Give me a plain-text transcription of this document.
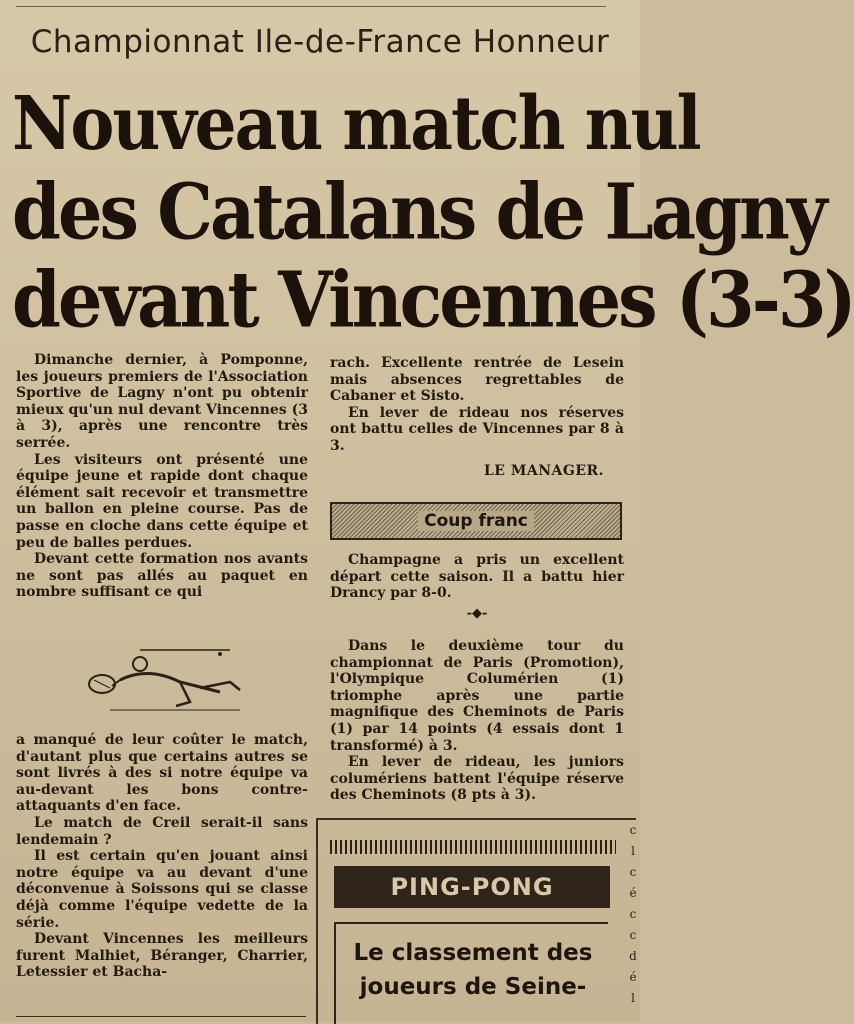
Championnat Ile-de-France Honneur
Nouveau match nul
des Catalans de Lagny
devant Vincennes (3-3)

Dimanche dernier, à Pomponne, les joueurs premiers de l'Association Sportive de Lagny n'ont pu obtenir mieux qu'un nul devant Vincennes (3 à 3), après une rencontre très serrée.

Les visiteurs ont présenté une équipe jeune et rapide dont chaque élément sait recevoir et transmettre un ballon en pleine course. Pas de passe en cloche dans cette équipe et peu de balles perdues.

Devant cette formation nos avants ne sont pas allés au paquet en nombre suffisant ce qui

a manqué de leur coûter le match, d'autant plus que certains autres se sont livrés à des si notre équipe va au-devant les bons contre-attaquants d'en face.

Le match de Creil serait-il sans lendemain ?

Il est certain qu'en jouant ainsi notre équipe va au devant d'une déconvenue à Soissons qui se classe déjà comme l'équipe vedette de la série.

Devant Vincennes les meilleurs furent Malhiet, Béranger, Charrier, Letessier et Bacha-

rach. Excellente rentrée de Lesein mais absences regrettables de Cabaner et Sisto.

En lever de rideau nos réserves ont battu celles de Vincennes par 8 à 3.

LE MANAGER.
Coup franc

Champagne a pris un excellent départ cette saison. Il a battu hier Drancy par 8-0.

-◆-

Dans le deuxième tour du championnat de Paris (Promotion), l'Olympique Columérien (1) triomphe après une partie magnifique des Cheminots de Paris (1) par 14 points (4 essais dont 1 transformé) à 3.

En lever de rideau, les juniors columériens battent l'équipe réserve des Cheminots (8 pts à 3).

PING-PONG
Le classement des
joueurs de Seine-
c
l
c
é
c
c
d
é
l
